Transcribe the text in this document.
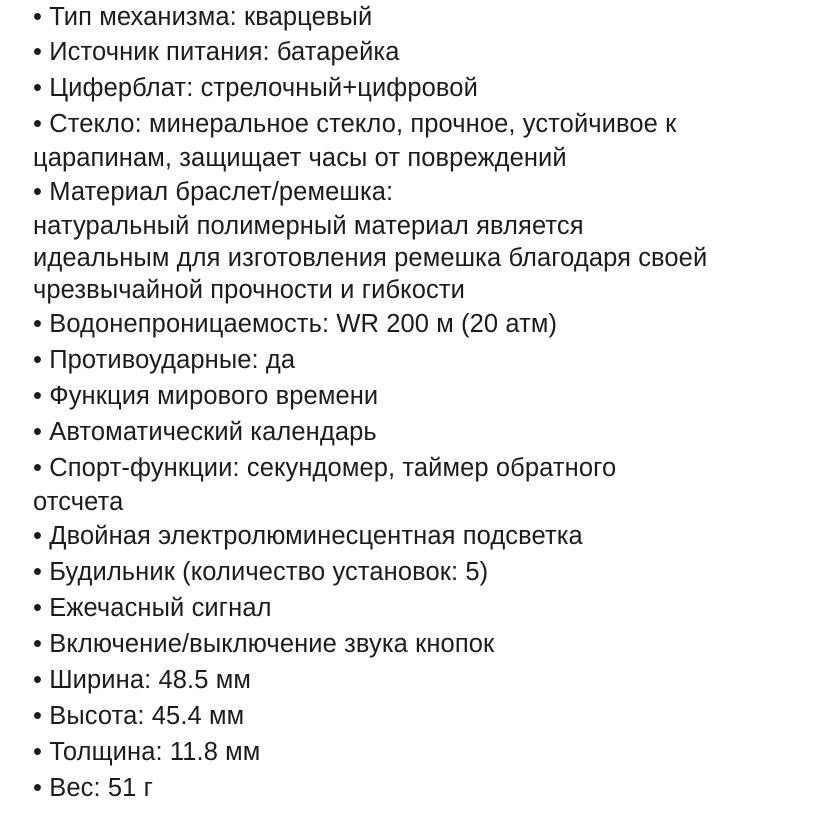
• Тип механизма: кварцевый
• Источник питания: батарейка
• Циферблат: стрелочный+цифровой
• Стекло: минеральное стекло, прочное, устойчивое к
царапинам, защищает часы от повреждений
• Материал браслет/ремешка:
натуральный полимерный материал является
идеальным для изготовления ремешка благодаря своей
чрезвычайной прочности и гибкости
• Водонепроницаемость: WR 200 м (20 атм)
• Противоударные: да
• Функция мирового времени
• Автоматический календарь
• Спорт-функции: секундомер, таймер обратного
отсчета
• Двойная электролюминесцентная подсветка
• Будильник (количество установок: 5)
• Ежечасный сигнал
• Включение/выключение звука кнопок
• Ширина: 48.5 мм
• Высота: 45.4 мм
• Толщина: 11.8 мм
• Вес: 51 г
